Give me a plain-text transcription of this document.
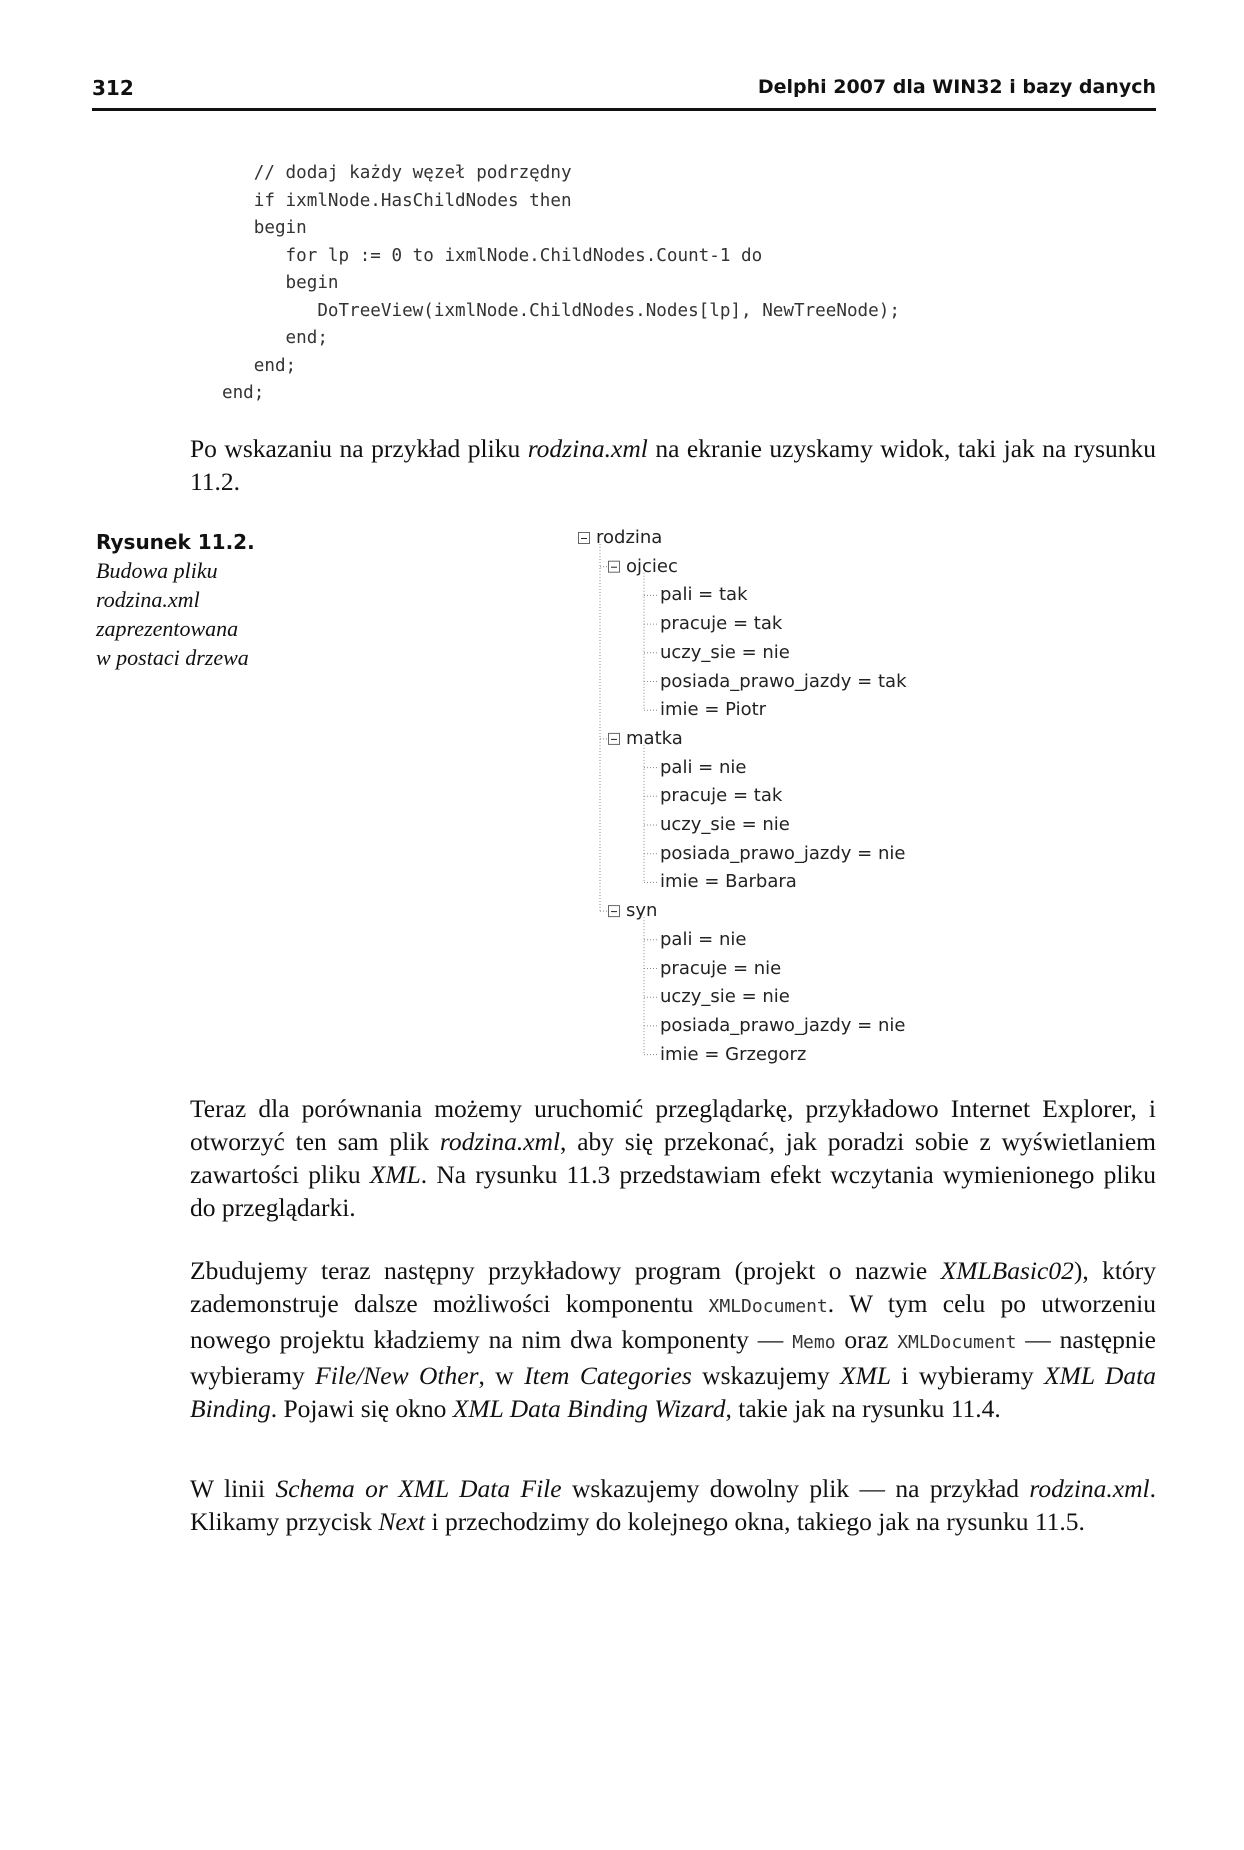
312	Delphi 2007 dla WIN32 i bazy danych
// dodaj każdy węzeł podrzędny
if ixmlNode.HasChildNodes then
begin
for lp := 0 to ixmlNode.ChildNodes.Count-1 do
begin
DoTreeView(ixmlNode.ChildNodes.Nodes[lp], NewTreeNode);
end;
end;
end;

Po wskazaniu na przykład pliku rodzina.xml na ekranie uzyskamy widok, taki jak na rysunku 11.2.

Rysunek 11.2.

Budowa pliku
rodzina.xml
zaprezentowana
w postaci drzewa

rodzina
ojciec
pali = tak
pracuje = tak
uczy_sie = nie
posiada_prawo_jazdy = tak
imie = Piotr
matka
pali = nie
pracuje = tak
uczy_sie = nie
posiada_prawo_jazdy = nie
imie = Barbara
syn
pali = nie
pracuje = nie
uczy_sie = nie
posiada_prawo_jazdy = nie
imie = Grzegorz

Teraz dla porównania możemy uruchomić przeglądarkę, przykładowo Internet Explorer, i otworzyć ten sam plik rodzina.xml, aby się przekonać, jak poradzi sobie z wyświetlaniem zawartości pliku XML. Na rysunku 11.3 przedstawiam efekt wczytania wymienionego pliku do przeglądarki.

Zbudujemy teraz następny przykładowy program (projekt o nazwie XMLBasic02), który zademonstruje dalsze możliwości komponentu XMLDocument. W tym celu po utworzeniu nowego projektu kładziemy na nim dwa komponenty — Memo oraz XMLDocument — następnie wybieramy File/New Other, w Item Categories wskazujemy XML i wybieramy XML Data Binding. Pojawi się okno XML Data Binding Wizard, takie jak na rysunku 11.4.

W linii Schema or XML Data File wskazujemy dowolny plik — na przykład rodzina.xml. Klikamy przycisk Next i przechodzimy do kolejnego okna, takiego jak na rysunku 11.5.
